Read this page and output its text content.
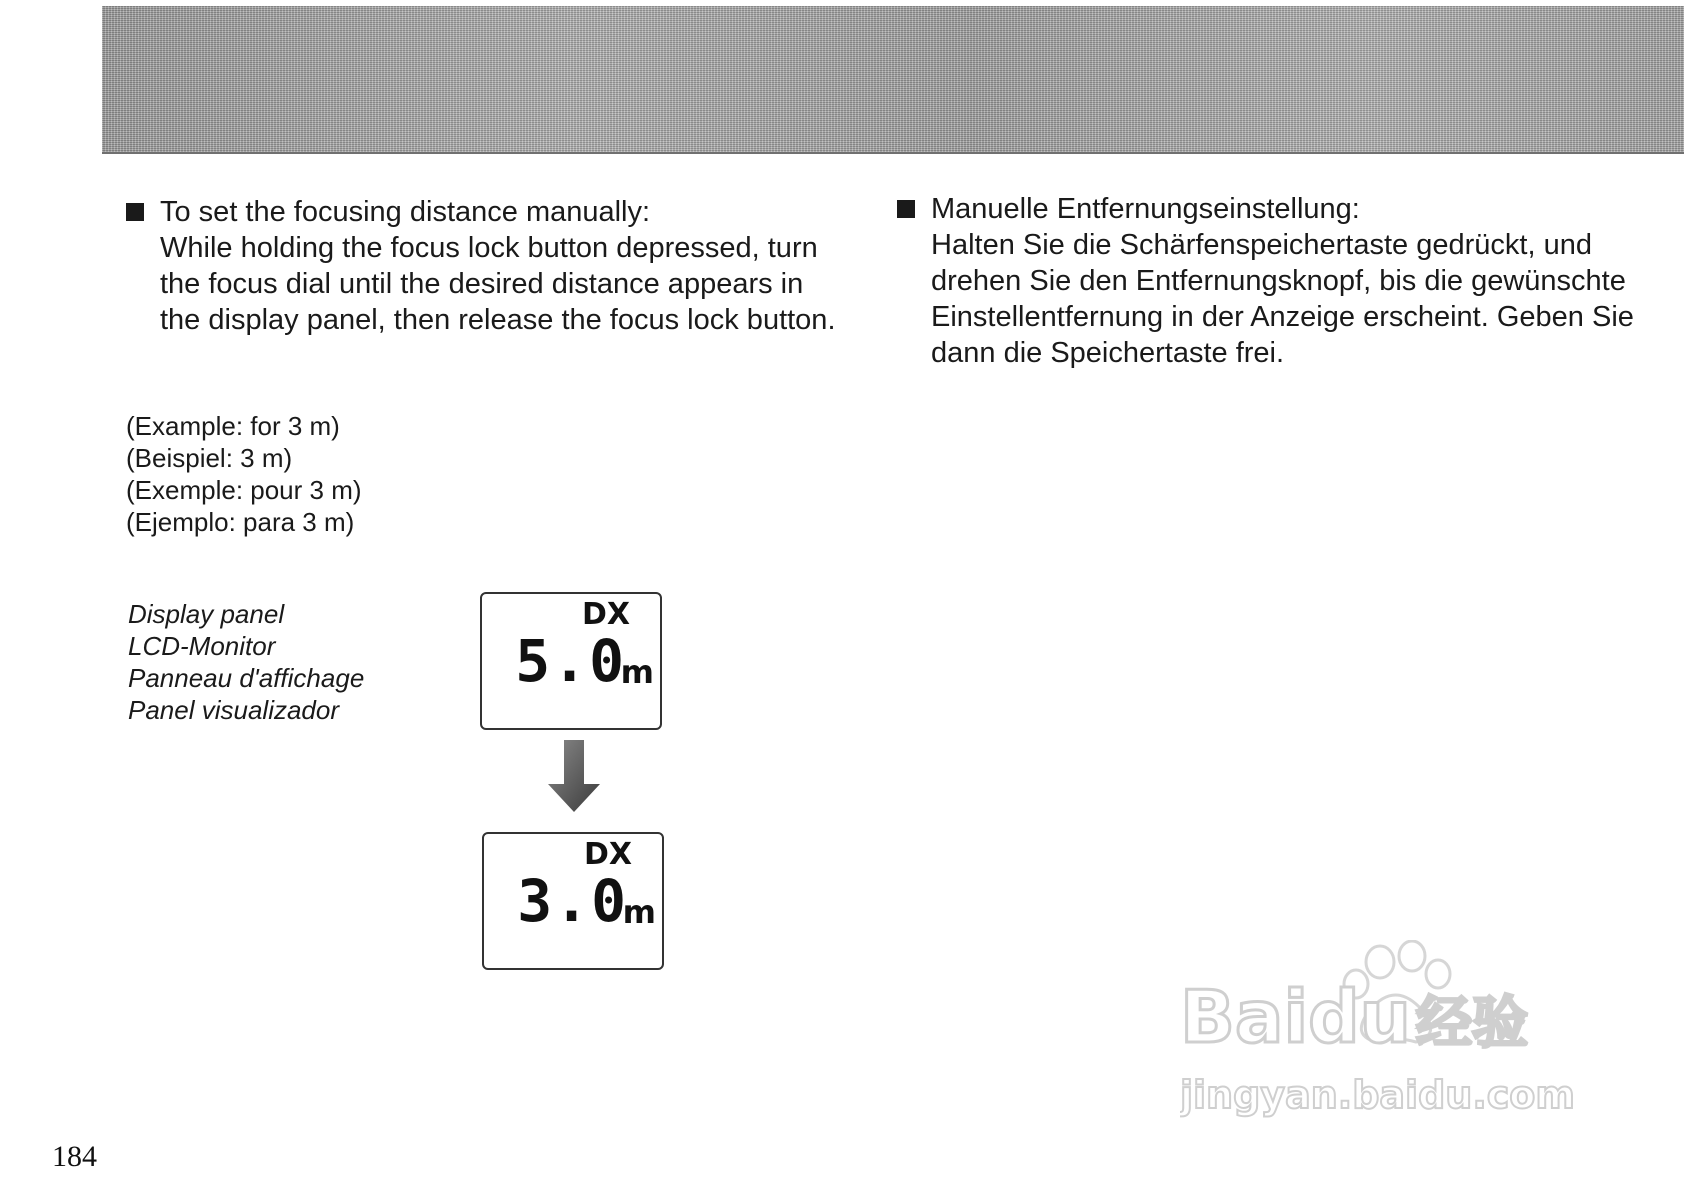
To set the focusing distance manually:
While holding the focus lock button depressed, turn the focus dial until the desired distance appears in the display panel, then release the focus lock button.
Manuelle Entfernungseinstellung:
Halten Sie die Schärfenspeichertaste gedrückt, und drehen Sie den Entfernungsknopf, bis die gewünschte Einstellentfernung in der Anzeige erscheint. Geben Sie dann die Speichertaste frei.
(Example: for 3 m)
(Beispiel: 3 m)
(Exemple: pour 3 m)
(Ejemplo: para 3 m)
Display panel
LCD-Monitor
Panneau d'affichage
Panel visualizador
DX
5.0
m
DX
3.0
m
184
Baidu 经验
jingyan.baidu.com
